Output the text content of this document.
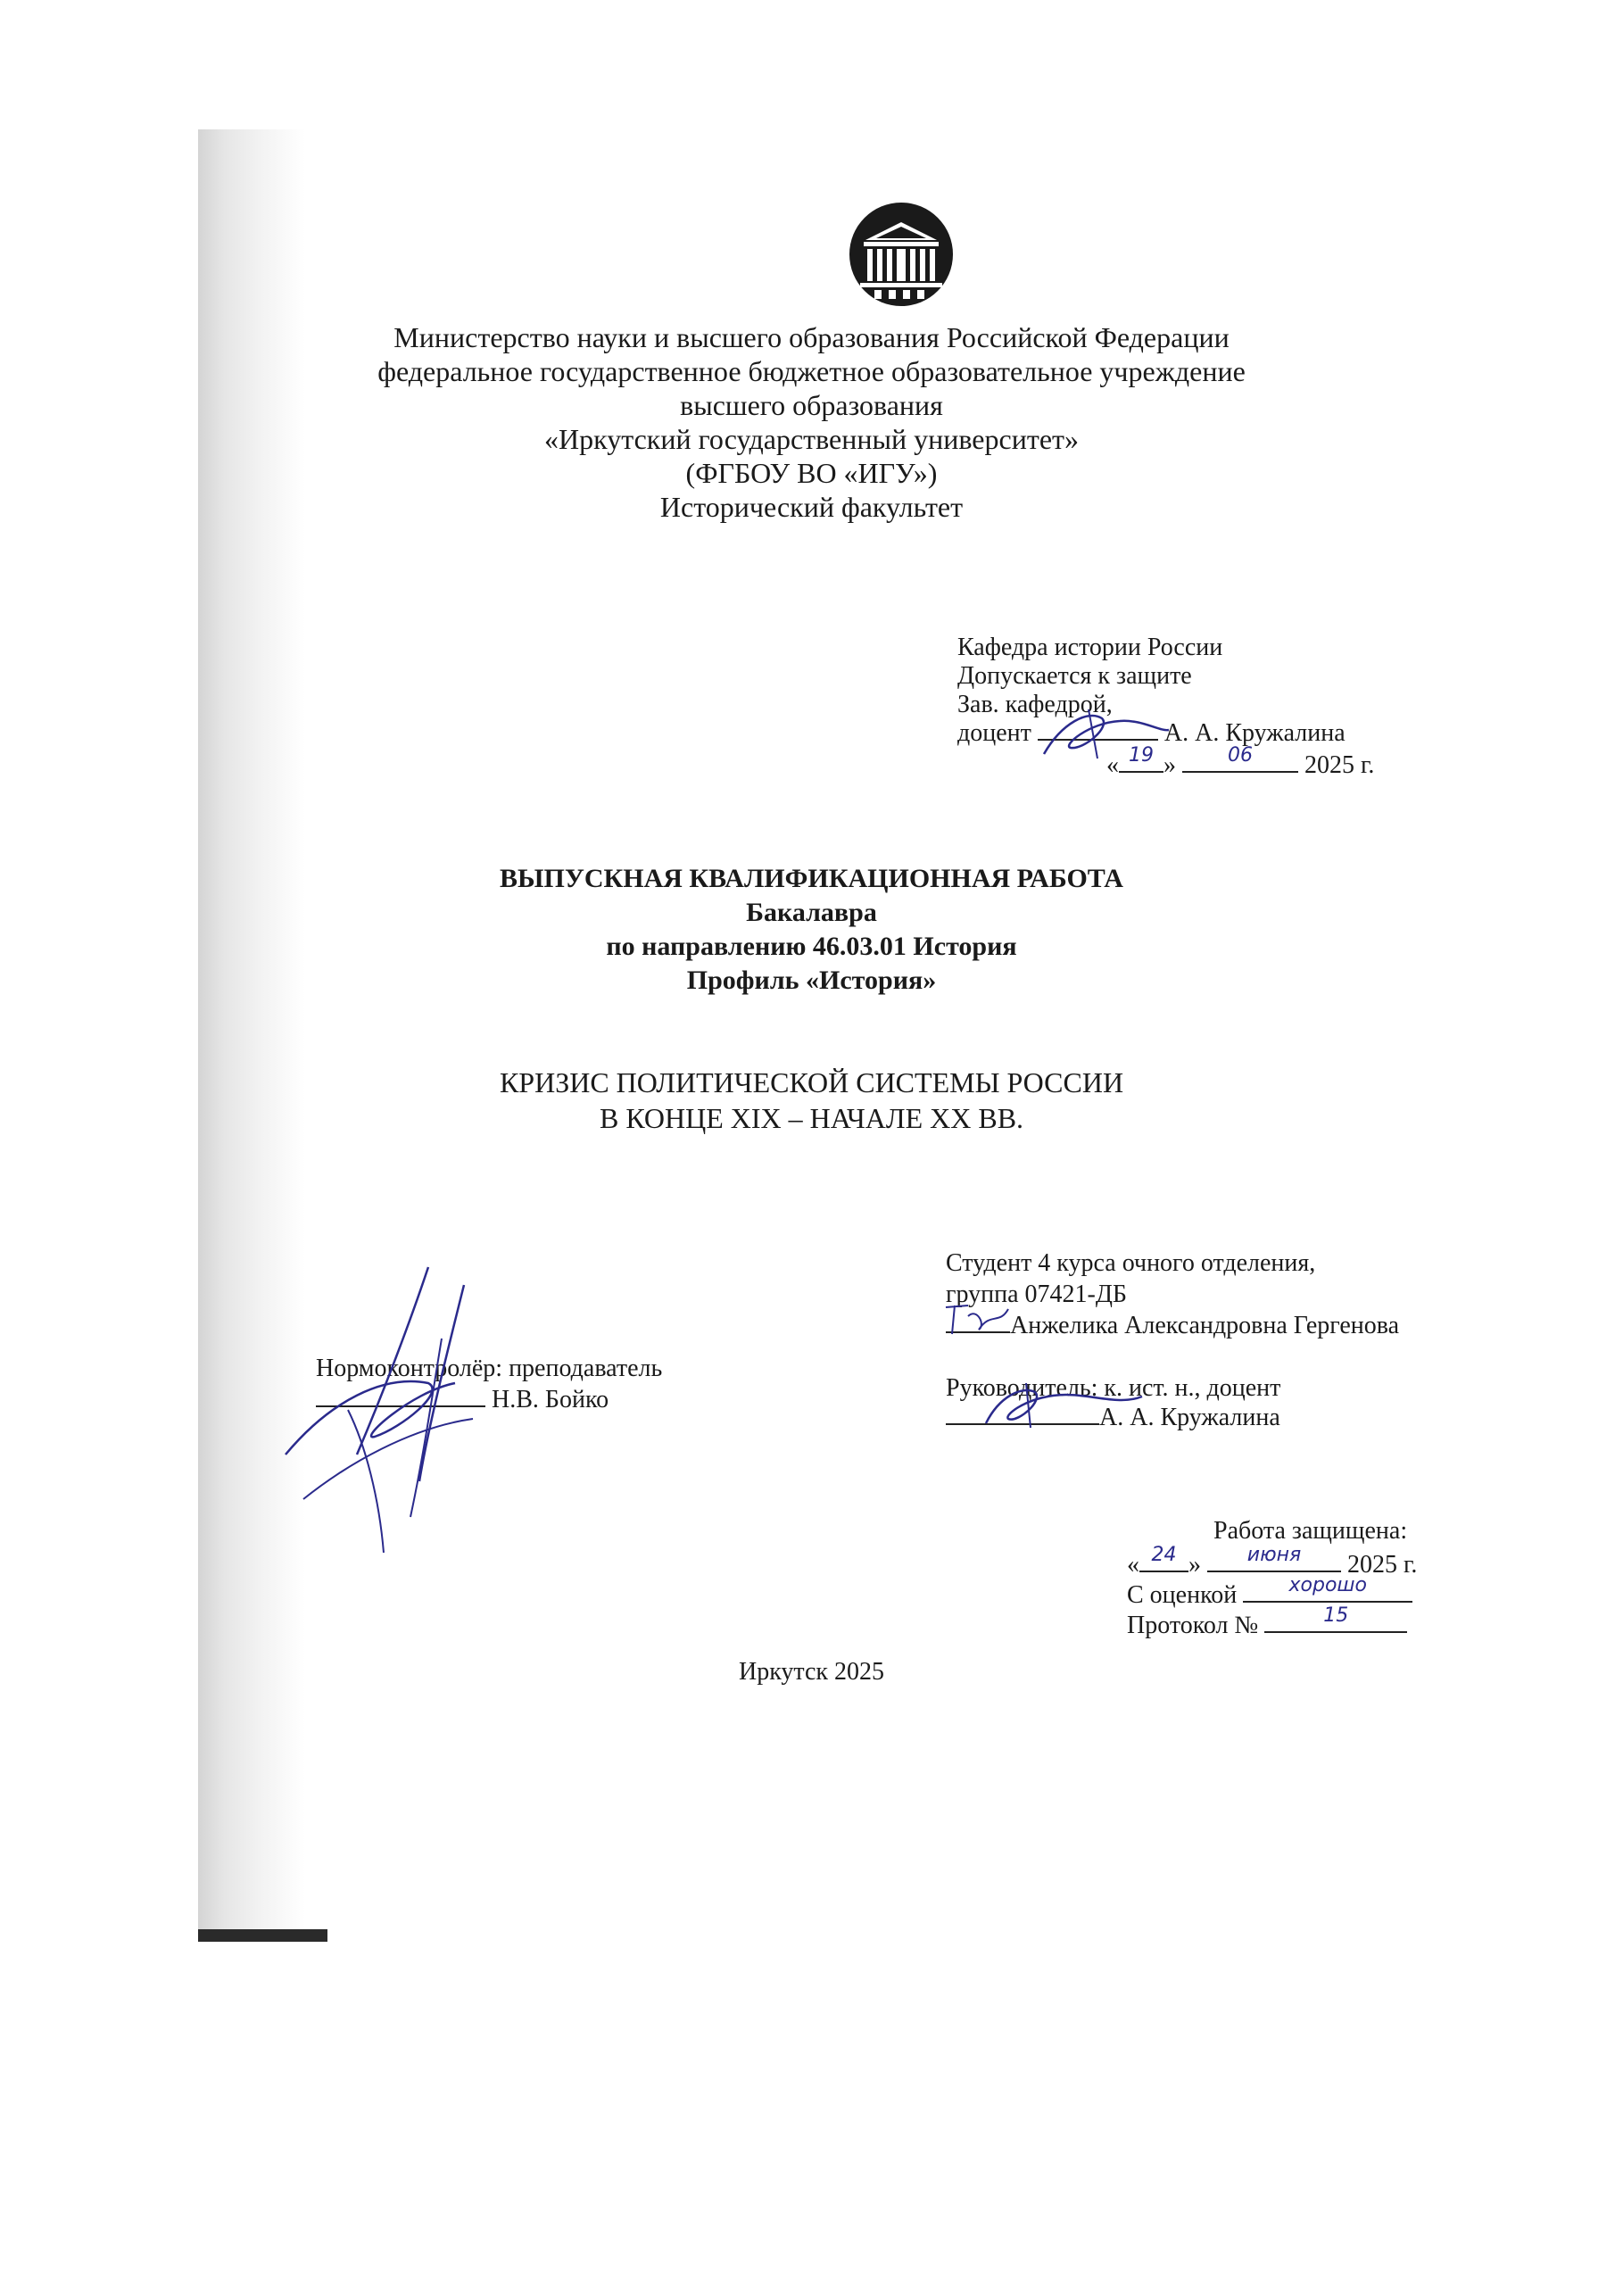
Министерство науки и высшего образования Российской Федерации
федеральное государственное бюджетное образовательное учреждение
высшего образования
«Иркутский государственный университет»
(ФГБОУ ВО «ИГУ»)
Исторический факультет
Кафедра истории России
Допускается к защите
Зав. кафедрой,
доцент	А. А. Кружалина
« 19 »	06	2025 г.
ВЫПУСКНАЯ КВАЛИФИКАЦИОННАЯ РАБОТА
Бакалавра
по направлению 46.03.01 История
Профиль «История»
КРИЗИС ПОЛИТИЧЕСКОЙ СИСТЕМЫ РОССИИ
В КОНЦЕ XIX – НАЧАЛЕ XX ВВ.
Студент 4 курса очного отделения,
группа 07421-ДБ
Анжелика Александровна Гергенова
Руководитель: к. ист. н., доцент
А. А. Кружалина
Нормоконтролёр: преподаватель
Н.В. Бойко
Работа защищена:
« 24 »	июня	2025 г.
С оценкой	хорошо
Протокол №	15
Иркутск 2025
